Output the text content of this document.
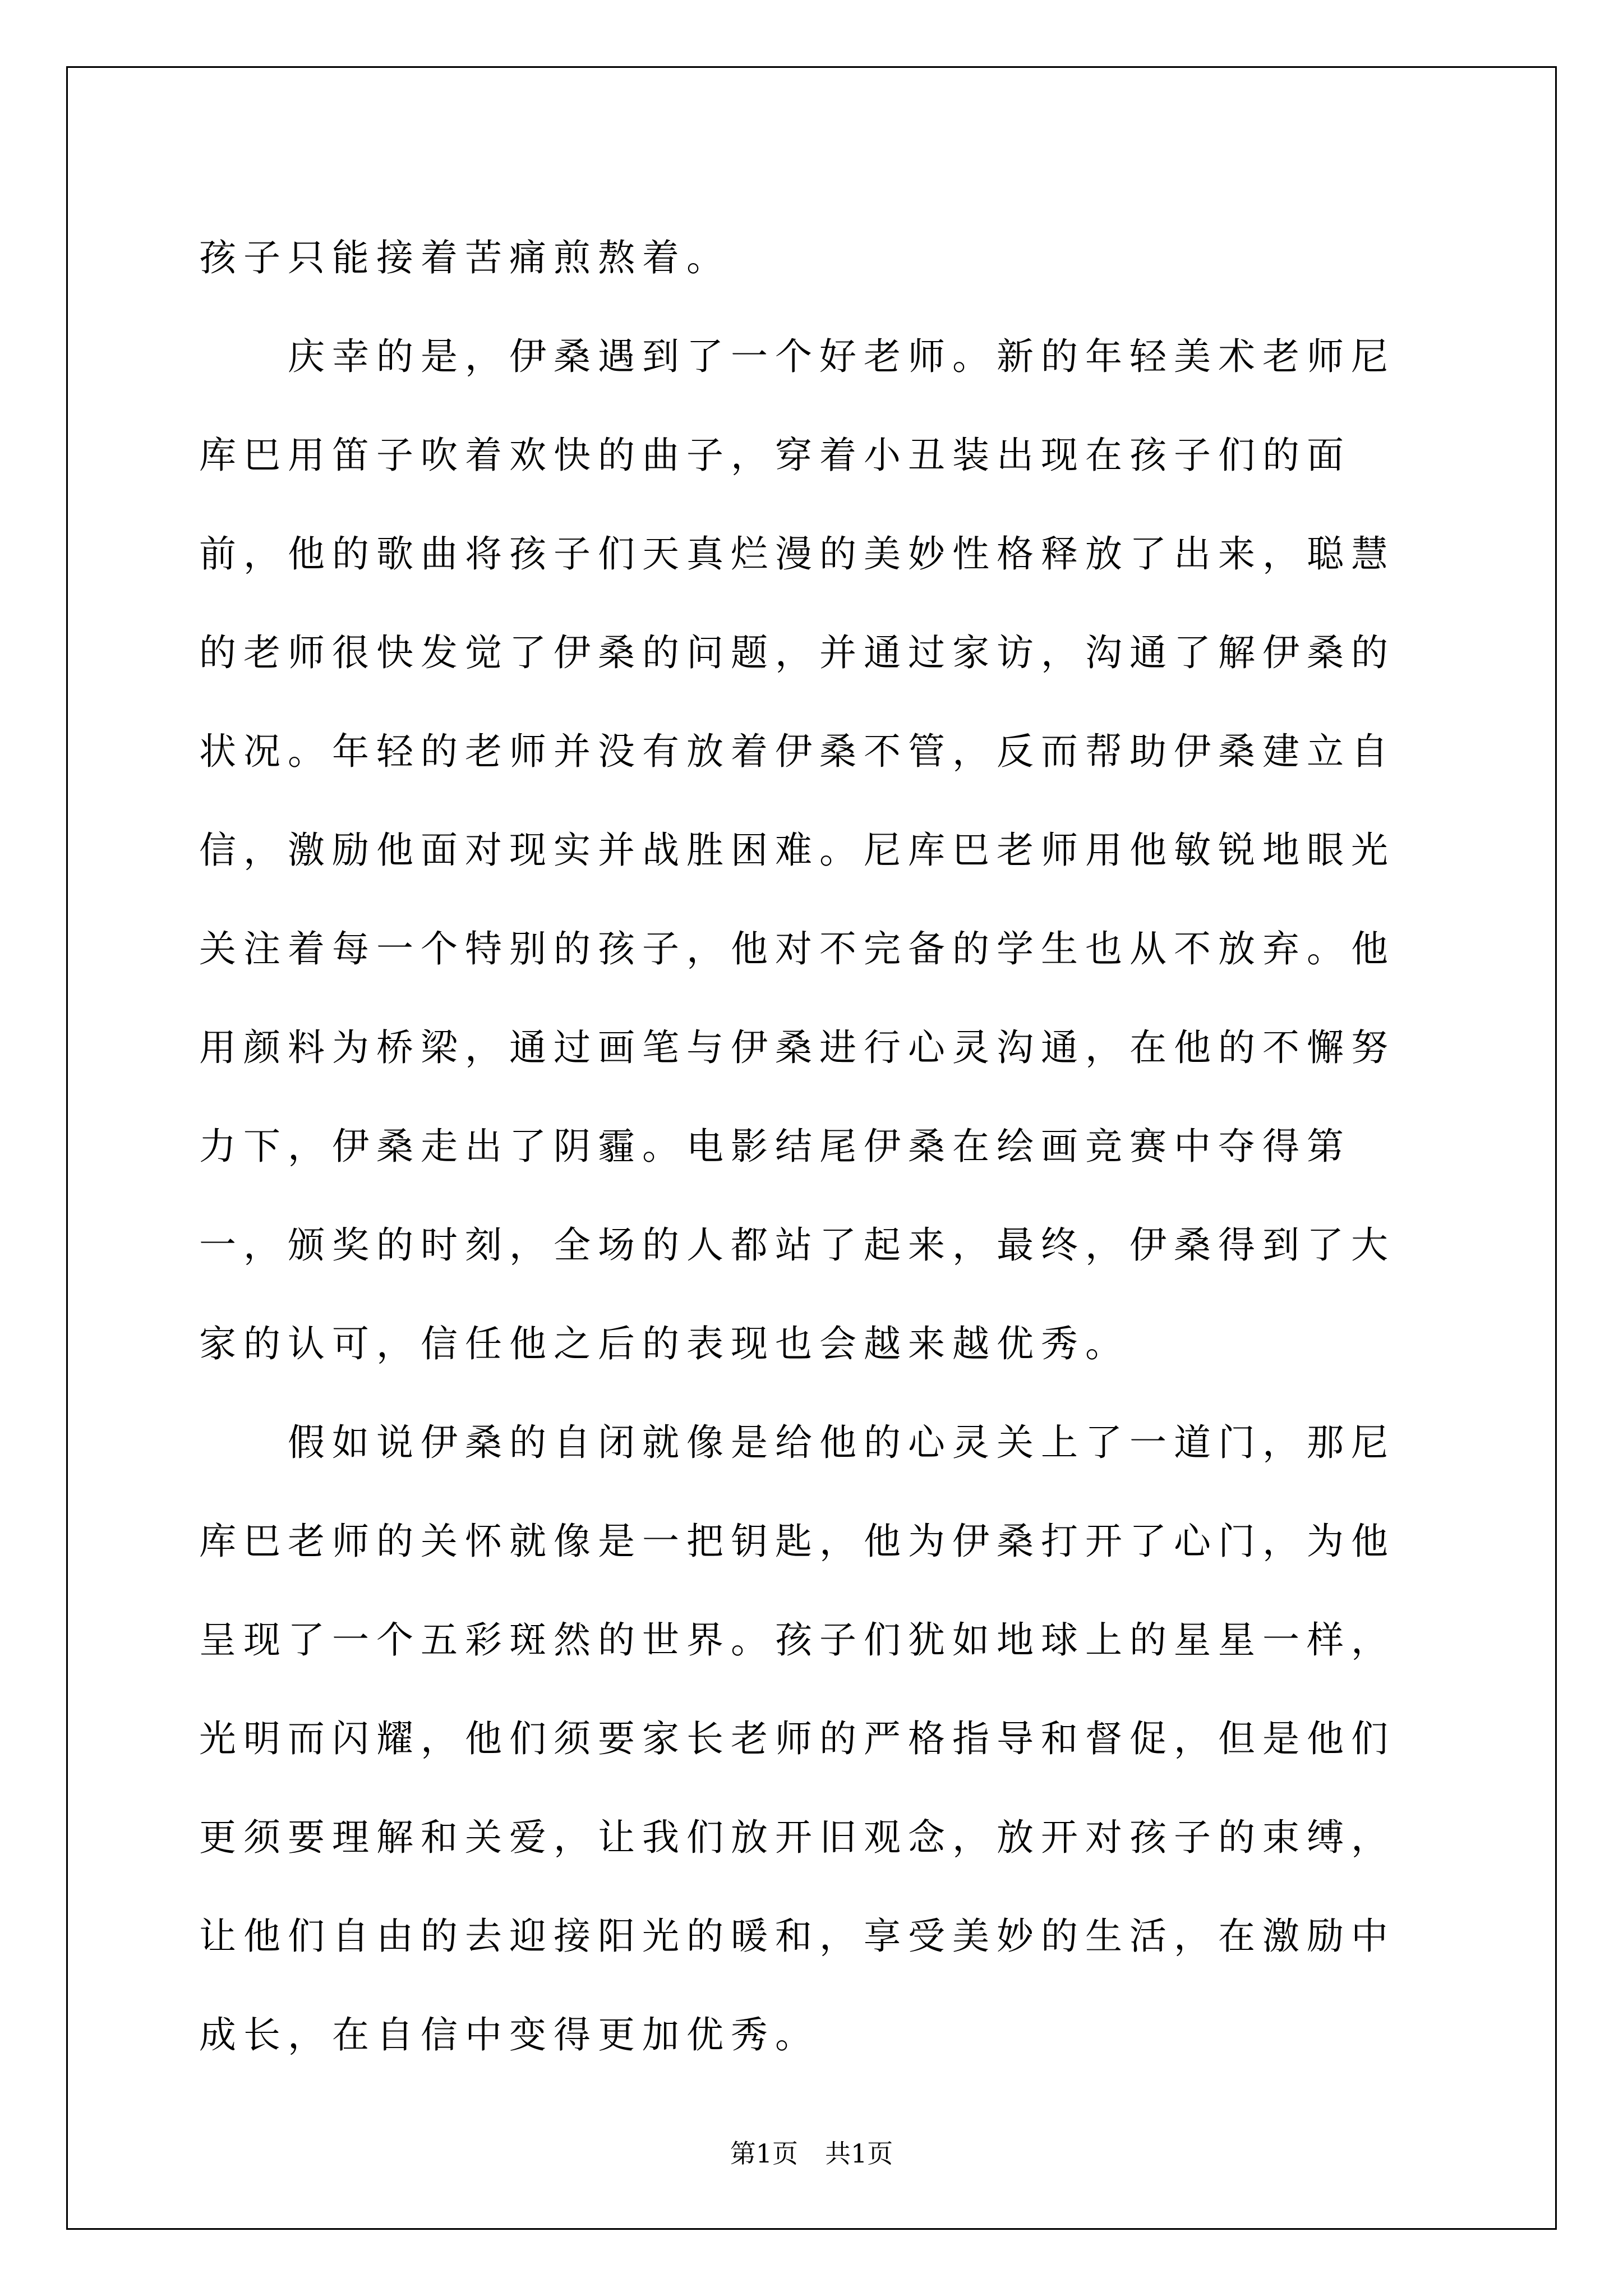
孩子只能接着苦痛煎熬着。

庆幸的是，伊桑遇到了一个好老师。新的年轻美术老师尼库巴用笛子吹着欢快的曲子，穿着小丑装出现在孩子们的面前，他的歌曲将孩子们天真烂漫的美妙性格释放了出来，聪慧的老师很快发觉了伊桑的问题，并通过家访，沟通了解伊桑的状况。年轻的老师并没有放着伊桑不管，反而帮助伊桑建立自信，激励他面对现实并战胜困难。尼库巴老师用他敏锐地眼光关注着每一个特别的孩子，他对不完备的学生也从不放弃。他用颜料为桥梁，通过画笔与伊桑进行心灵沟通，在他的不懈努力下，伊桑走出了阴霾。电影结尾伊桑在绘画竞赛中夺得第一，颁奖的时刻，全场的人都站了起来，最终，伊桑得到了大家的认可，信任他之后的表现也会越来越优秀。

假如说伊桑的自闭就像是给他的心灵关上了一道门，那尼库巴老师的关怀就像是一把钥匙，他为伊桑打开了心门，为他呈现了一个五彩斑然的世界。孩子们犹如地球上的星星一样，光明而闪耀，他们须要家长老师的严格指导和督促，但是他们更须要理解和关爱，让我们放开旧观念，放开对孩子的束缚，让他们自由的去迎接阳光的暖和，享受美妙的生活，在激励中成长，在自信中变得更加优秀。

第1页 共1页
